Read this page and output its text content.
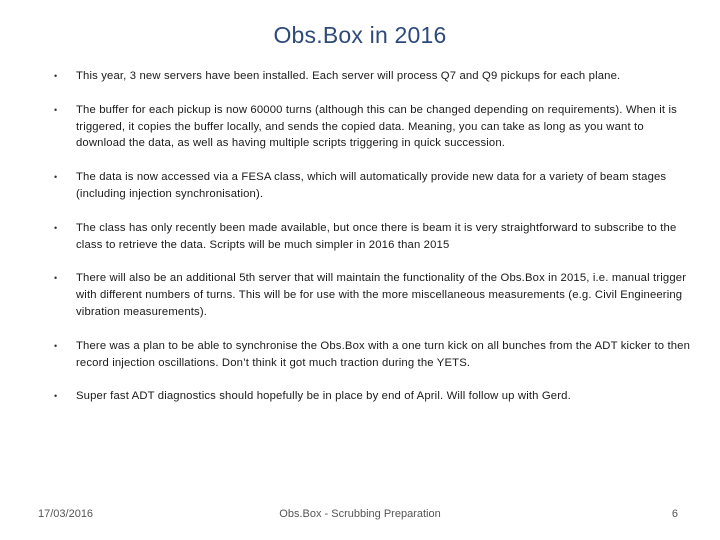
Obs.Box in 2016
• This year, 3 new servers have been installed. Each server will process Q7 and Q9 pickups for each plane.
• The buffer for each pickup is now 60000 turns (although this can be changed depending on requirements). When it is triggered, it copies the buffer locally, and sends the copied data. Meaning, you can take as long as you want to download the data, as well as having multiple scripts triggering in quick succession.
• The data is now accessed via a FESA class, which will automatically provide new data for a variety of beam stages (including injection synchronisation).
• The class has only recently been made available, but once there is beam it is very straightforward to subscribe to the class to retrieve the data. Scripts will be much simpler in 2016 than 2015
• There will also be an additional 5th server that will maintain the functionality of the Obs.Box in 2015, i.e. manual trigger with different numbers of turns. This will be for use with the more miscellaneous measurements (e.g. Civil Engineering vibration measurements).
• There was a plan to be able to synchronise the Obs.Box with a one turn kick on all bunches from the ADT kicker to then record injection oscillations. Don’t think it got much traction during the YETS.
• Super fast ADT diagnostics should hopefully be in place by end of April. Will follow up with Gerd.
17/03/2016	Obs.Box - Scrubbing Preparation	6
